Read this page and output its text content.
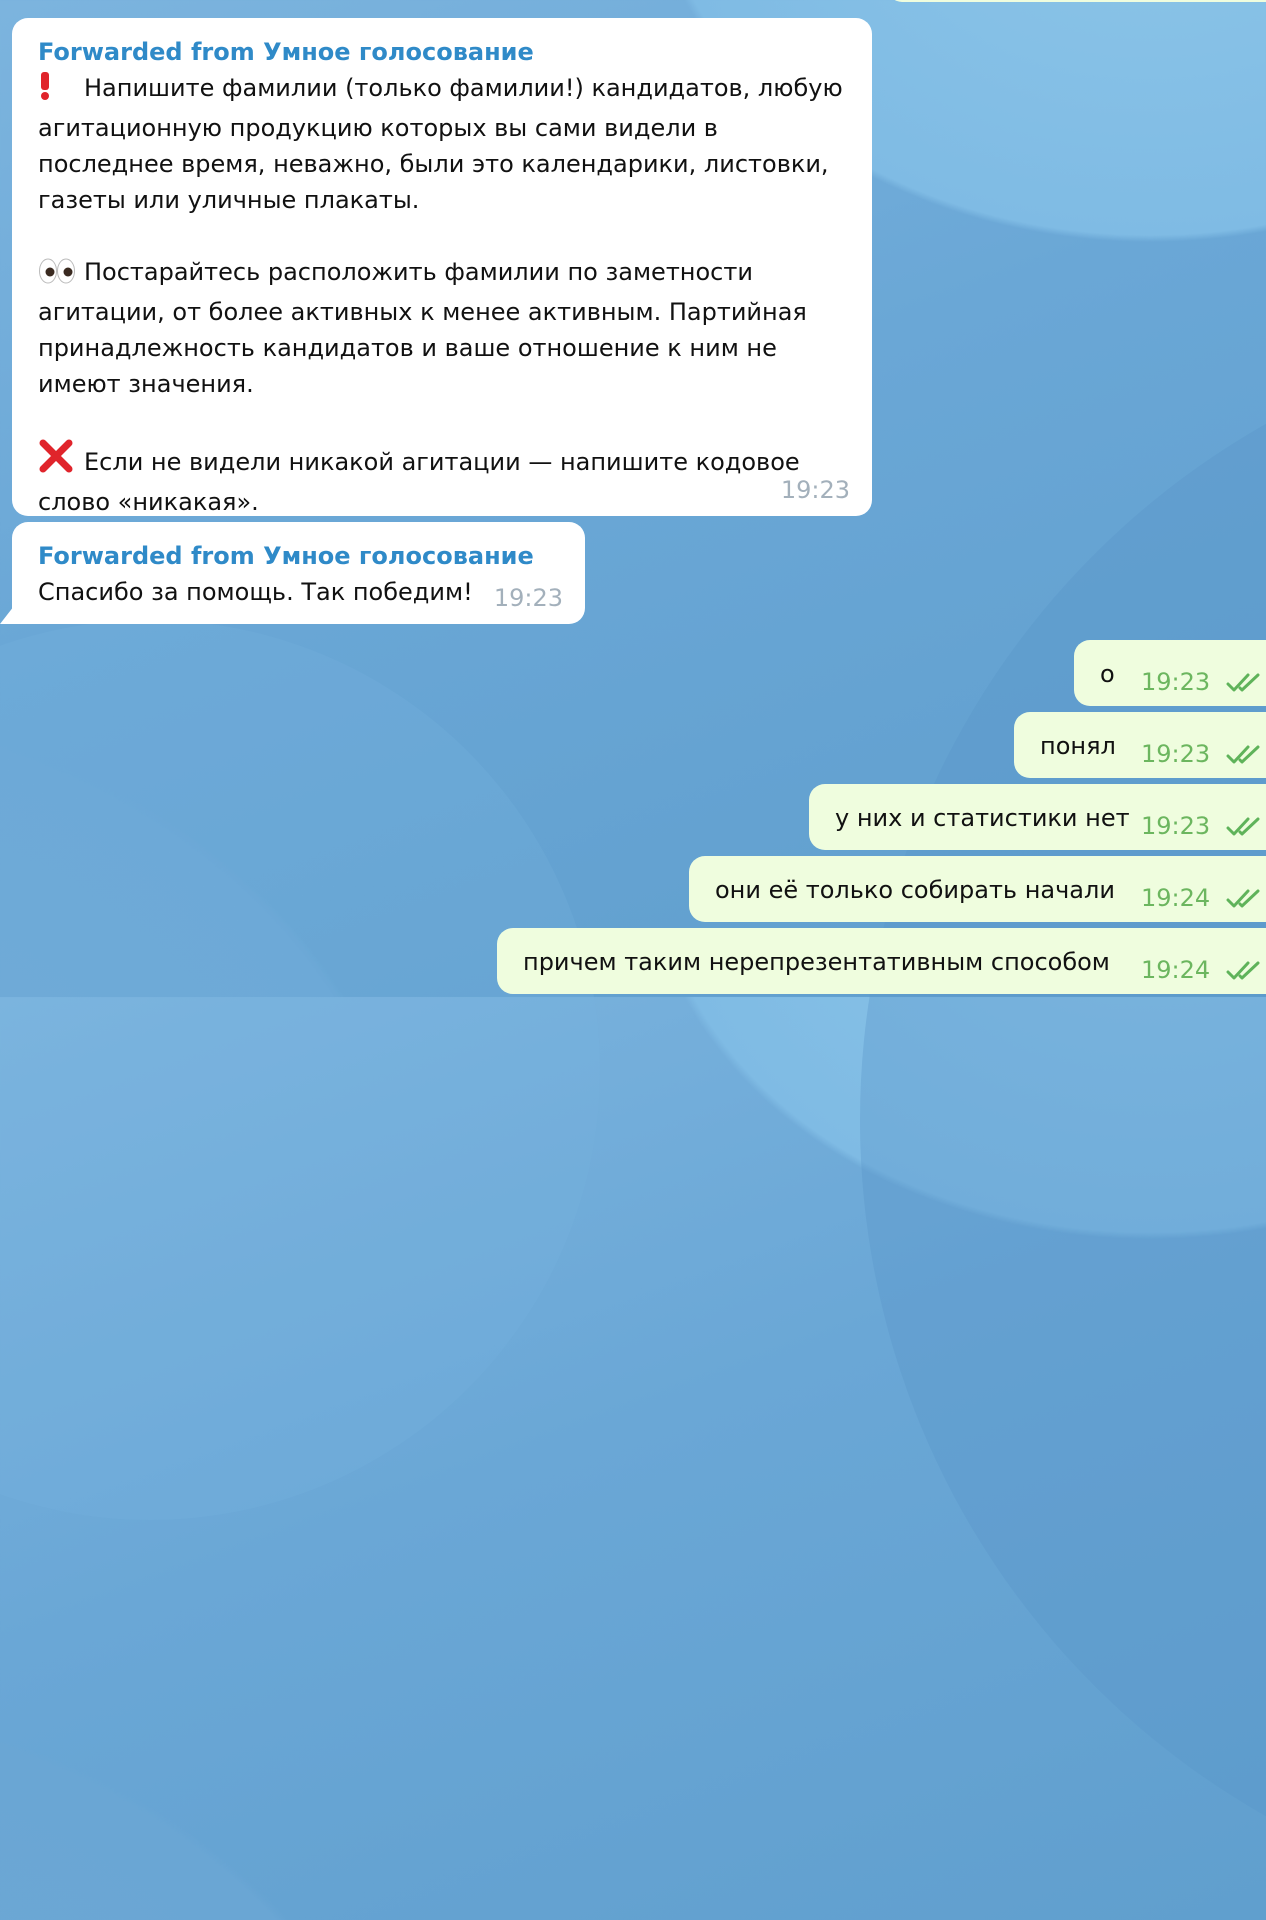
Forwarded from Умное голосование
Напишите фамилии (только фамилии!) кандидатов, любую
агитационную продукцию которых вы сами видели в
последнее время, неважно, были это календарики, листовки,
газеты или уличные плакаты.
Постарайтесь расположить фамилии по заметности
агитации, от более активных к менее активным. Партийная
принадлежность кандидатов и ваше отношение к ним не
имеют значения.
Если не видели никакой агитации — напишите кодовое
слово «никакая».	19:23
Forwarded from Умное голосование
Спасибо за помощь. Так победим! 19:23
о 19:23
понял 19:23
у них и статистики нет 19:23
они её только собирать начали 19:24
причем таким нерепрезентативным способом 19:24
